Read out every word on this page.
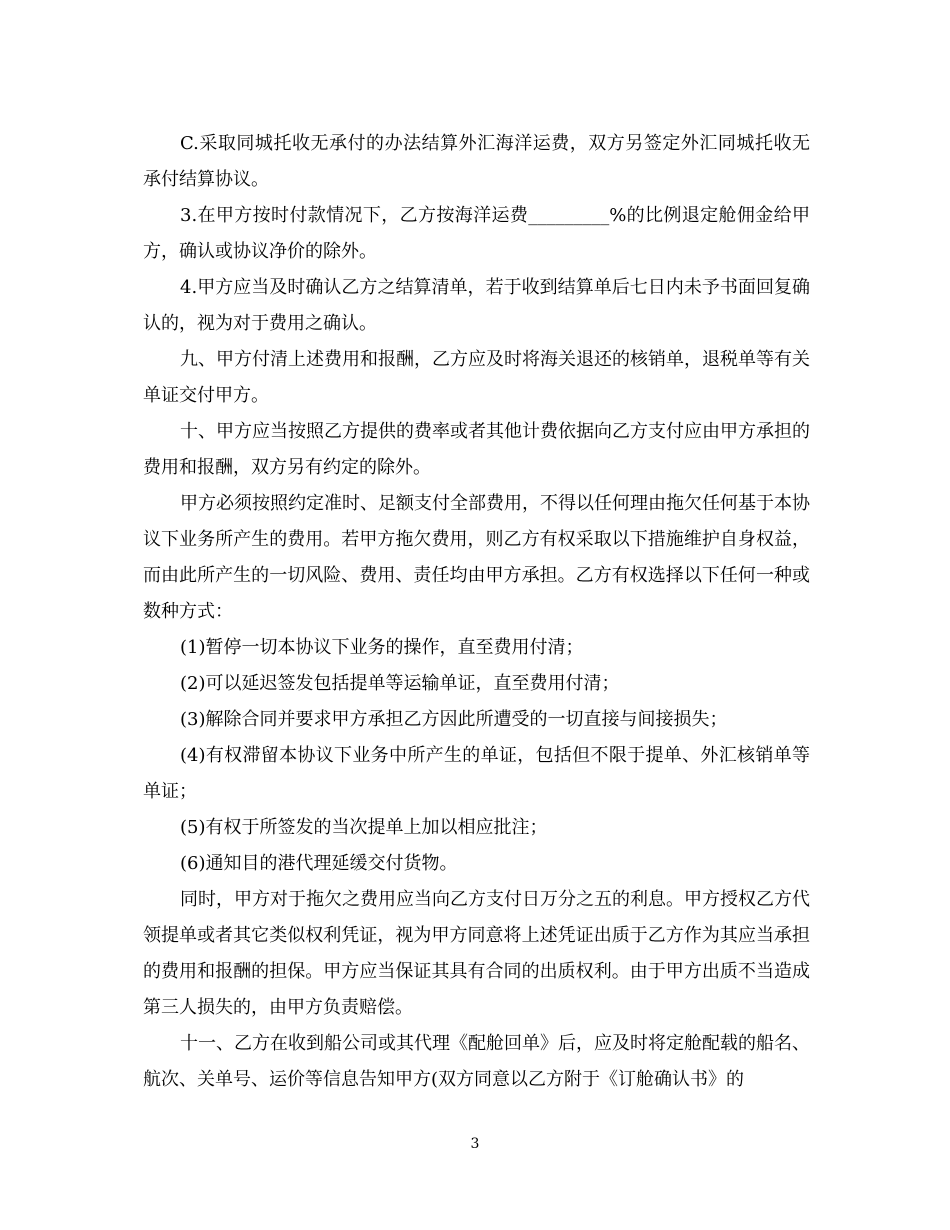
C.采取同城托收无承付的办法结算外汇海洋运费，双方另签定外汇同城托收无承付结算协议。

3.在甲方按时付款情况下，乙方按海洋运费_________%的比例退定舱佣金给甲方，确认或协议净价的除外。

4.甲方应当及时确认乙方之结算清单，若于收到结算单后七日内未予书面回复确认的，视为对于费用之确认。

九、甲方付清上述费用和报酬，乙方应及时将海关退还的核销单，退税单等有关单证交付甲方。

十、甲方应当按照乙方提供的费率或者其他计费依据向乙方支付应由甲方承担的费用和报酬，双方另有约定的除外。

甲方必须按照约定准时、足额支付全部费用，不得以任何理由拖欠任何基于本协议下业务所产生的费用。若甲方拖欠费用，则乙方有权采取以下措施维护自身权益，而由此所产生的一切风险、费用、责任均由甲方承担。乙方有权选择以下任何一种或数种方式：

(1)暂停一切本协议下业务的操作，直至费用付清；

(2)可以延迟签发包括提单等运输单证，直至费用付清；

(3)解除合同并要求甲方承担乙方因此所遭受的一切直接与间接损失；

(4)有权滞留本协议下业务中所产生的单证，包括但不限于提单、外汇核销单等单证；

(5)有权于所签发的当次提单上加以相应批注；

(6)通知目的港代理延缓交付货物。

同时，甲方对于拖欠之费用应当向乙方支付日万分之五的利息。甲方授权乙方代领提单或者其它类似权利凭证，视为甲方同意将上述凭证出质于乙方作为其应当承担的费用和报酬的担保。甲方应当保证其具有合同的出质权利。由于甲方出质不当造成第三人损失的，由甲方负责赔偿。

十一、乙方在收到船公司或其代理《配舱回单》后，应及时将定舱配载的船名、航次、关单号、运价等信息告知甲方(双方同意以乙方附于《订舱确认书》的

3
